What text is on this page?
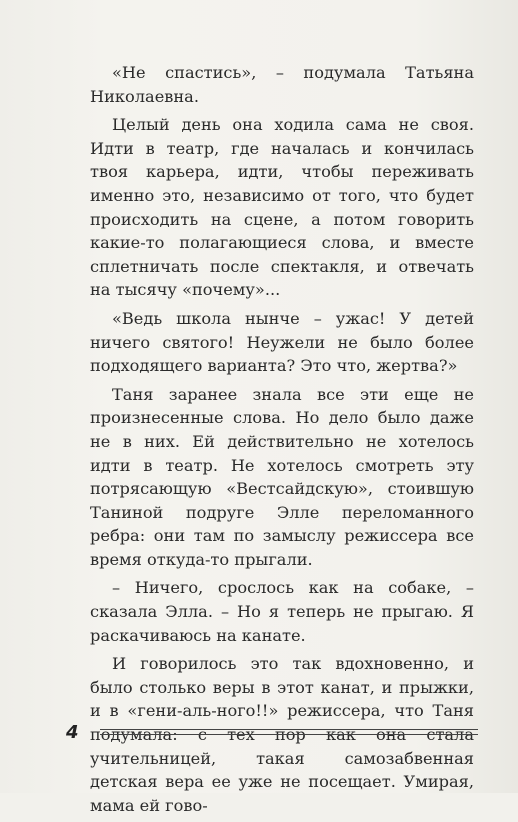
«Не спастись», – подумала Татьяна Николаевна.

Целый день она ходила сама не своя. Идти в театр, где началась и кончилась твоя карьера, идти, чтобы переживать именно это, независимо от того, что будет происходить на сцене, а потом говорить какие-то полагающиеся слова, и вместе сплетничать после спектакля, и отвечать на тысячу «почему»...

«Ведь школа нынче – ужас! У детей ничего святого! Неужели не было более подходящего варианта? Это что, жертва?»

Таня заранее знала все эти еще не произнесенные слова. Но дело было даже не в них. Ей действительно не хотелось идти в театр. Не хотелось смотреть эту потрясающую «Вестсайдскую», стоившую Таниной подруге Элле переломанного ребра: они там по замыслу режиссера все время откуда-то прыгали.

– Ничего, срослось как на собаке, – сказала Элла. – Но я теперь не прыгаю. Я раскачиваюсь на канате.

И говорилось это так вдохновенно, и было столько веры в этот канат, и прыжки, и в «гени-аль-ного!!» режиссера, что Таня подумала: с тех пор как она стала учительницей, такая самозабвенная детская вера ее уже не посещает. Умирая, мама ей гово-

4
